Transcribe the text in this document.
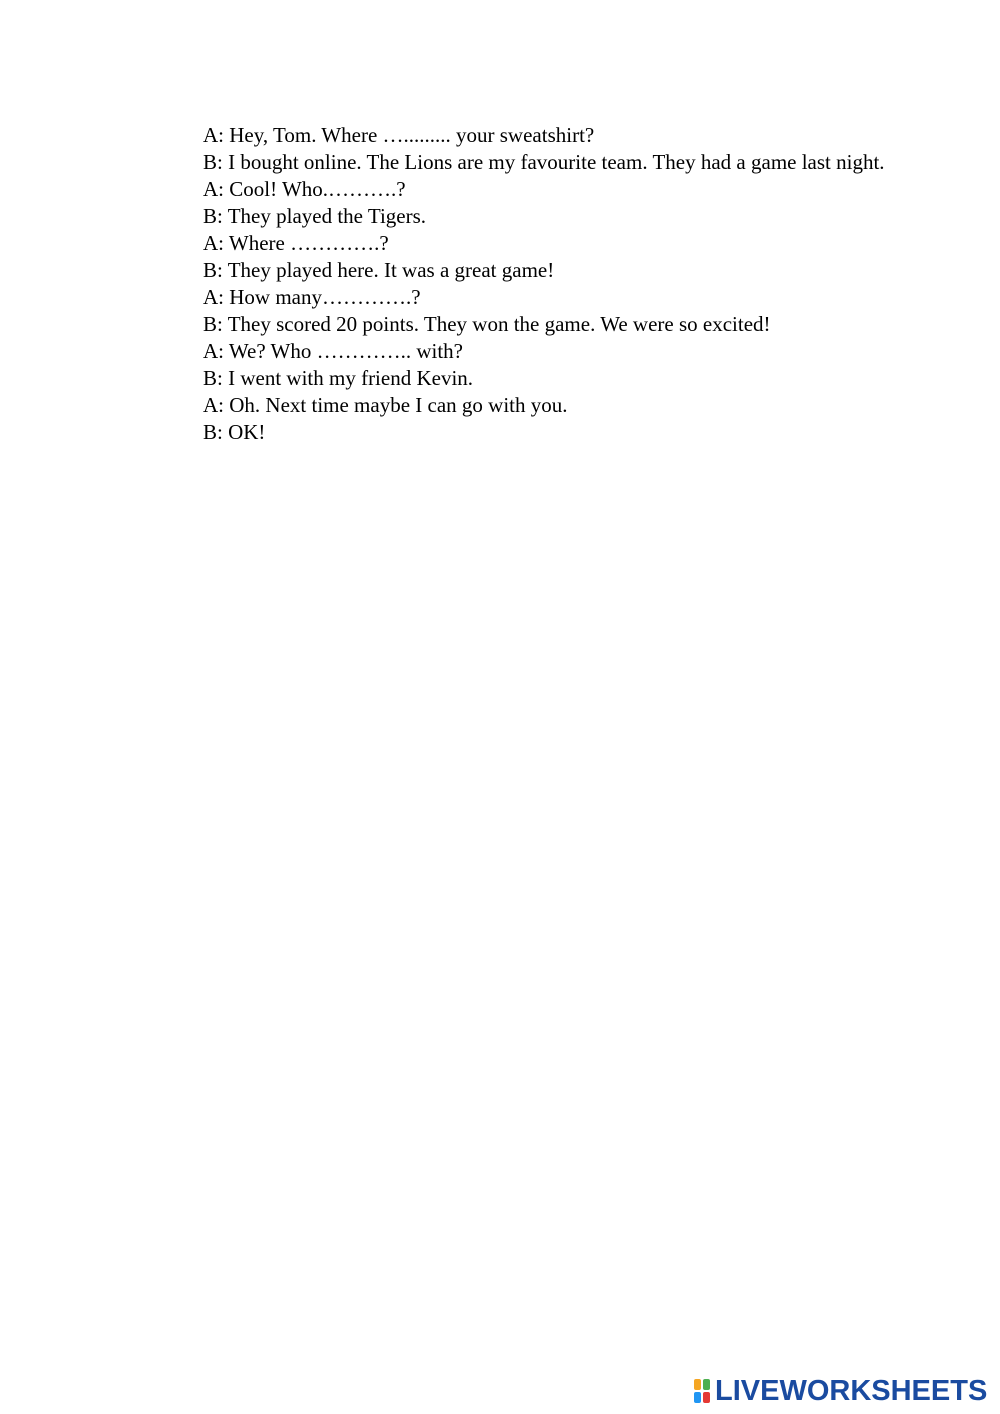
A: Hey, Tom. Where …......... your sweatshirt?

B: I bought online. The Lions are my favourite team. They had a game last night.

A: Cool! Who.……….?

B: They played the Tigers.

A: Where ………….?

B: They played here. It was a great game!

A: How many………….?

B: They scored 20 points. They won the game. We were so excited!

A: We? Who ………….. with?

B: I went with my friend Kevin.

A: Oh. Next time maybe I can go with you.

B: OK!

LIVEWORKSHEETS
